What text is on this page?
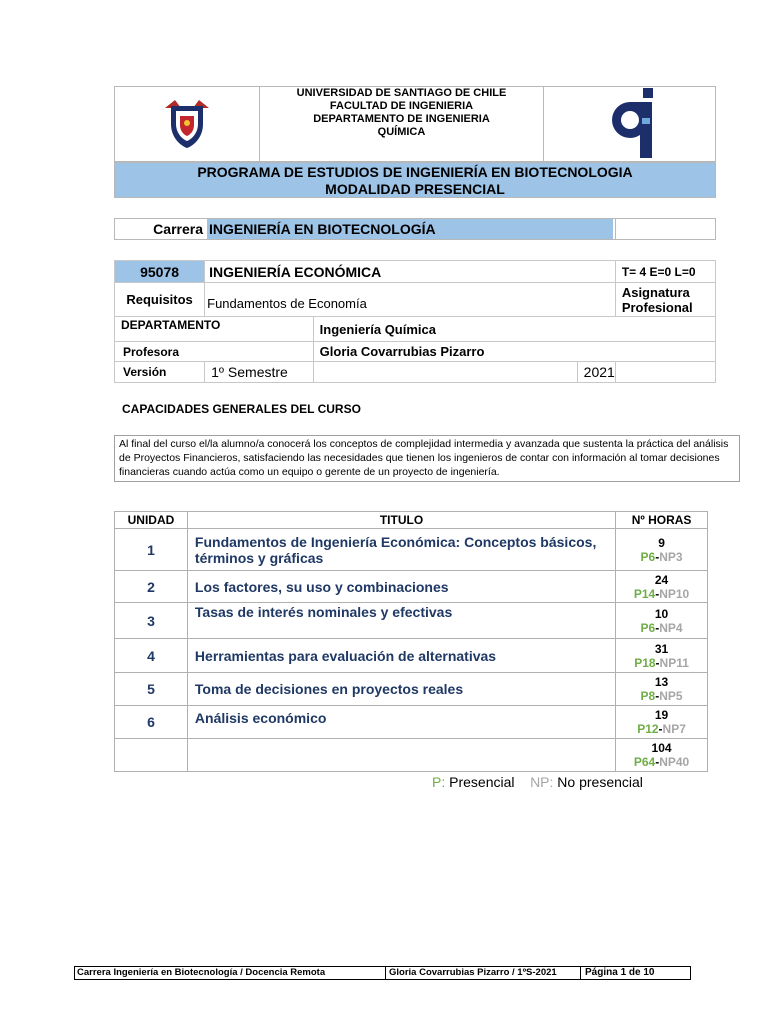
UNIVERSIDAD DE SANTIAGO DE CHILE
FACULTAD DE INGENIERIA
DEPARTAMENTO DE INGENIERIA
QUÍMICA
PROGRAMA DE ESTUDIOS DE INGENIERÍA EN BIOTECNOLOGIA
MODALIDAD PRESENCIAL
Carrera INGENIERÍA EN BIOTECNOLOGÍA
95078	INGENIERÍA ECONÓMICA		T= 4 E=0 L=0
Requisitos	Fundamentos de Economía		Asignatura
Profesional

DEPARTAMENTO		Ingeniería Química	
Profesora		Gloria Covarrubias Pizarro	
Versión	1º Semestre	2021	

CAPACIDADES GENERALES DEL CURSO
Al final del curso el/la alumno/a conocerá los conceptos de complejidad intermedia y avanzada que sustenta la práctica del análisis de Proyectos Financieros, satisfaciendo las necesidades que tienen los ingenieros de contar con información al tomar decisiones financieras cuando actúa como un equipo o gerente de un proyecto de ingeniería.
UNIDAD	TITULO	Nº HORAS
1	Fundamentos de Ingeniería Económica: Conceptos básicos, términos y gráficas	9
P6-NP3

2	Los factores, su uso y combinaciones	24
P14-NP10

3	Tasas de interés nominales y efectivas	10
P6-NP4

4	Herramientas para evaluación de alternativas	31
P18-NP11

5	Toma de decisiones en proyectos reales	13
P8-NP5

6	Análisis económico	19
P12-NP7

		104
P64-NP40
P: Presencial NP: No presencial
Carrera Ingeniería en Biotecnología / Docencia Remota	Gloria Covarrubias Pizarro / 1ºS-2021	Página 1 de 10
